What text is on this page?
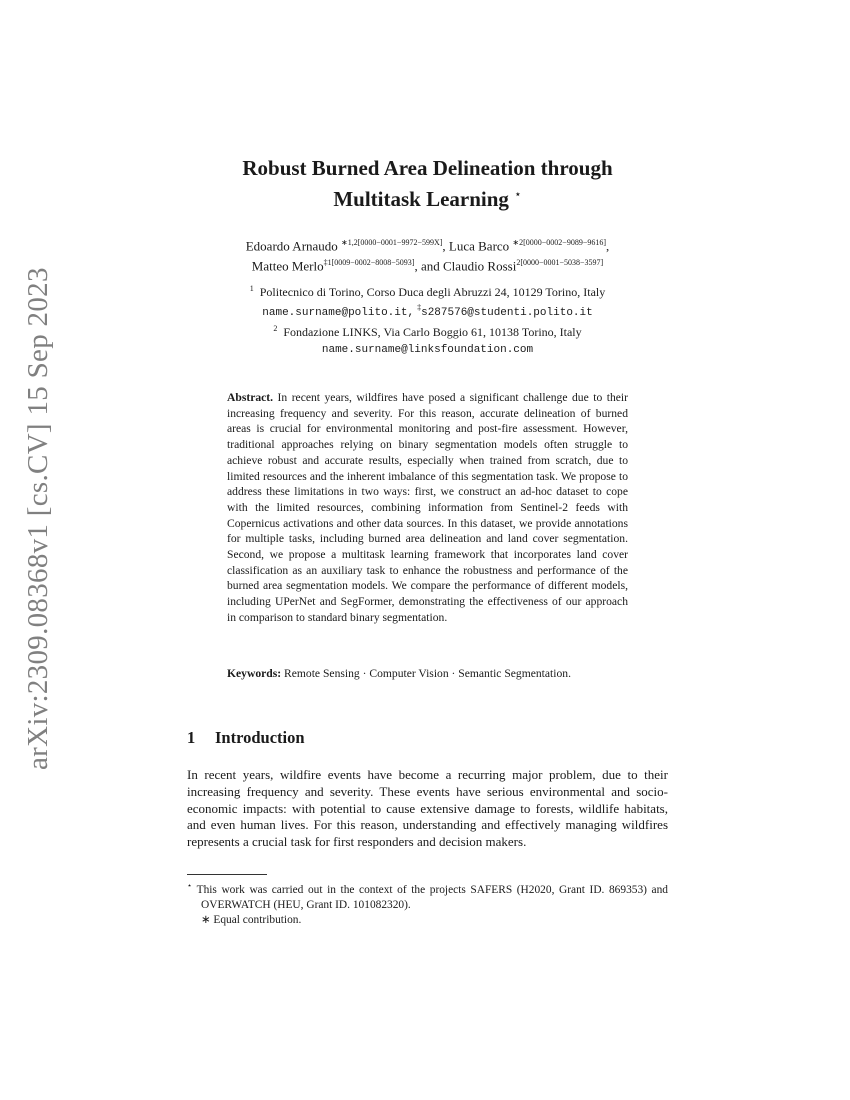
arXiv:2309.08368v1 [cs.CV] 15 Sep 2023
Robust Burned Area Delineation through
Multitask Learning ⋆
Edoardo Arnaudo $^{∗1,2[0000-0001-9972-599X]}$, Luca Barco $^{∗2[0000-0002-9089-9616]}$,
Matteo Merlo$^{\ddagger 1[0009-0002-8008-5093]}$, and Claudio Rossi$^{2[0000-0001-5038-3597]}$
$^1$ Politecnico di Torino, Corso Duca degli Abruzzi 24, 10129 Torino, Italy
name.surname@polito.it, ‡s287576@studenti.polito.it
$^2$ Fondazione LINKS, Via Carlo Boggio 61, 10138 Torino, Italy
name.surname@linksfoundation.com
Abstract. In recent years, wildfires have posed a significant challenge due to their increasing frequency and severity. For this reason, accurate delineation of burned areas is crucial for environmental monitoring and post-fire assessment. However, traditional approaches relying on binary segmentation models often struggle to achieve robust and accurate results, especially when trained from scratch, due to limited resources and the inherent imbalance of this segmentation task. We propose to address these limitations in two ways: first, we construct an ad-hoc dataset to cope with the limited resources, combining information from Sentinel-2 feeds with Copernicus activations and other data sources. In this dataset, we provide annotations for multiple tasks, including burned area delineation and land cover segmentation. Second, we propose a multitask learning framework that incorporates land cover classification as an auxiliary task to enhance the robustness and performance of the burned area segmentation models. We compare the performance of different models, including UPerNet and SegFormer, demonstrating the effectiveness of our approach in comparison to standard binary segmentation.
Keywords: Remote Sensing · Computer Vision · Semantic Segmentation.
1 Introduction
In recent years, wildfire events have become a recurring major problem, due to their increasing frequency and severity. These events have serious environmental and socio-economic impacts: with potential to cause extensive damage to forests, wildlife habitats, and even human lives. For this reason, understanding and effectively managing wildfires represents a crucial task for first responders and decision makers.
⋆ This work was carried out in the context of the projects SAFERS (H2020, Grant ID. 869353) and OVERWATCH (HEU, Grant ID. 101082320).
∗ Equal contribution.
